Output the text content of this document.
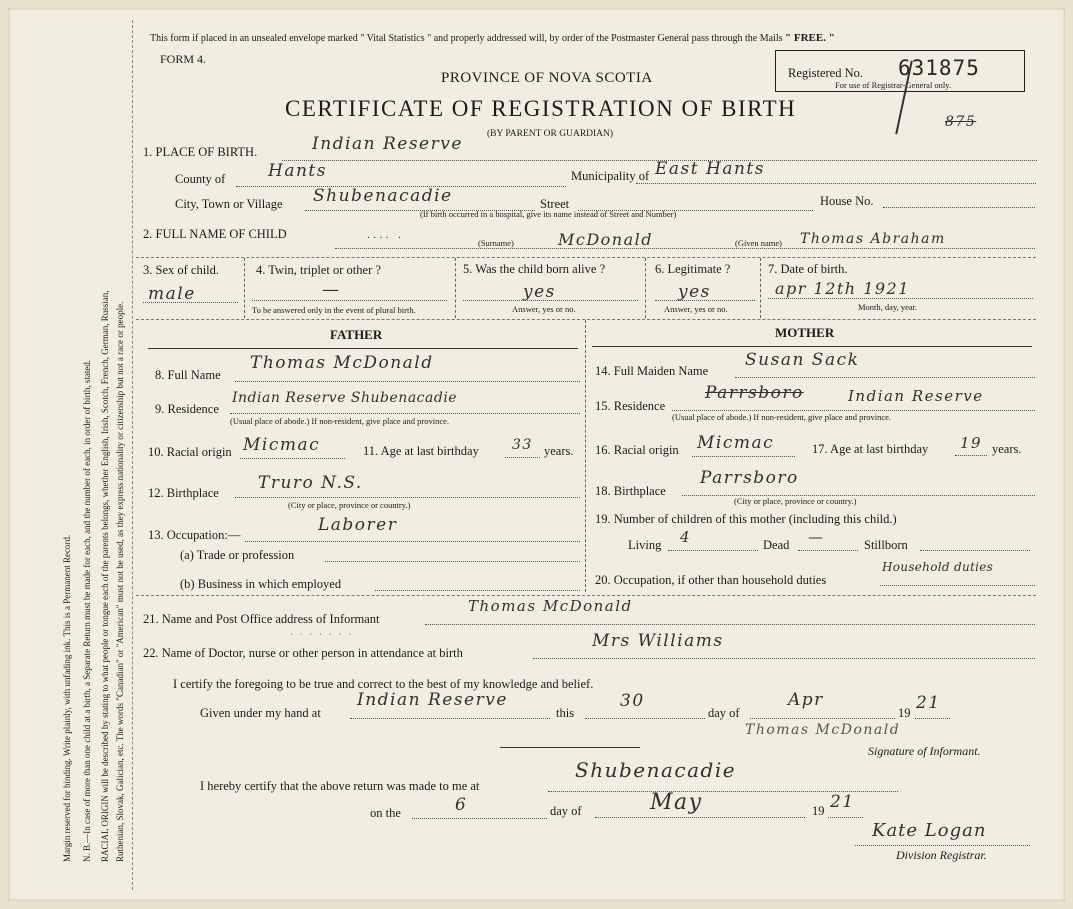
Margin reserved for binding. Write plainly, with unfading ink. This is a Permanent Record. N. B.—In case of more than one child at a birth, a Separate Return must be made for each, and the number of each, in order of birth, stated. RACIAL ORIGIN will be described by stating to what people or tongue each of the parents belongs, whether English, Irish, Scotch, French, German, Russian, Ruthenian, Slovak, Galician, etc. The words "Canadian" or "American" must not be used, as they express nationality or citizenship but not a race or people.
This form if placed in an unsealed envelope marked " Vital Statistics " and properly addressed will, by order of the Postmaster General pass through the Mails " FREE. "
FORM 4.
PROVINCE OF NOVA SCOTIA
CERTIFICATE OF REGISTRATION OF BIRTH
(BY PARENT OR GUARDIAN)
Registered No. 631875
For use of Registrar-General only.
875
1. PLACE OF BIRTH.	Indian Reserve
County of	Hants	Municipality of East Hants
City, Town or Village Shubenacadie	Street	House No.
(If birth occurred in a hospital, give its name instead of Street and Number)
2. FULL NAME OF CHILD	···· ·	(Surname)	McDonald	(Given name) Thomas Abraham
3. Sex of child.
male
4. Twin, triplet or other ?
—
To be answered only in the event of plural birth.
5. Was the child born alive ?
yes
Answer, yes or no.
6. Legitimate ?
yes
Answer, yes or no.
7. Date of birth.
apr 12th 1921
Month, day, year.
FATHER	MOTHER
8. Full Name
Thomas McDonald
9. Residence
Indian Reserve Shubenacadie
(Usual place of abode.) If non-resident, give place and province.
10. Racial origin Micmac	11. Age at last birthday 33 years.
12. Birthplace Truro N.S.
(City or place, province or country.)
13. Occupation:—	Laborer
(a) Trade or profession
(b) Business in which employed
14. Full Maiden Name
Susan Sack
15. Residence
Parrsboro	Indian Reserve
(Usual place of abode.) If non-resident, give place and province.
16. Racial origin Micmac	17. Age at last birthday 19 years.
18. Birthplace
Parrsboro
(City or place, province or country.)
19. Number of children of this mother (including this child.)
Living 4	Dead —	Stillborn
20. Occupation, if other than household duties
Household duties
21. Name and Post Office address of Informant
Thomas McDonald
22. Name of Doctor, nurse or other person in attendance at birth
Mrs Williams
· · · · · · ·
I certify the foregoing to be true and correct to the best of my knowledge and belief.
Given under my hand at
Indian Reserve
this
30
day of
Apr
19 21
Thomas McDonald
Signature of Informant.
I hereby certify that the above return was made to me at
Shubenacadie
on the	6	day of	May	19 21
Kate Logan
Division Registrar.
